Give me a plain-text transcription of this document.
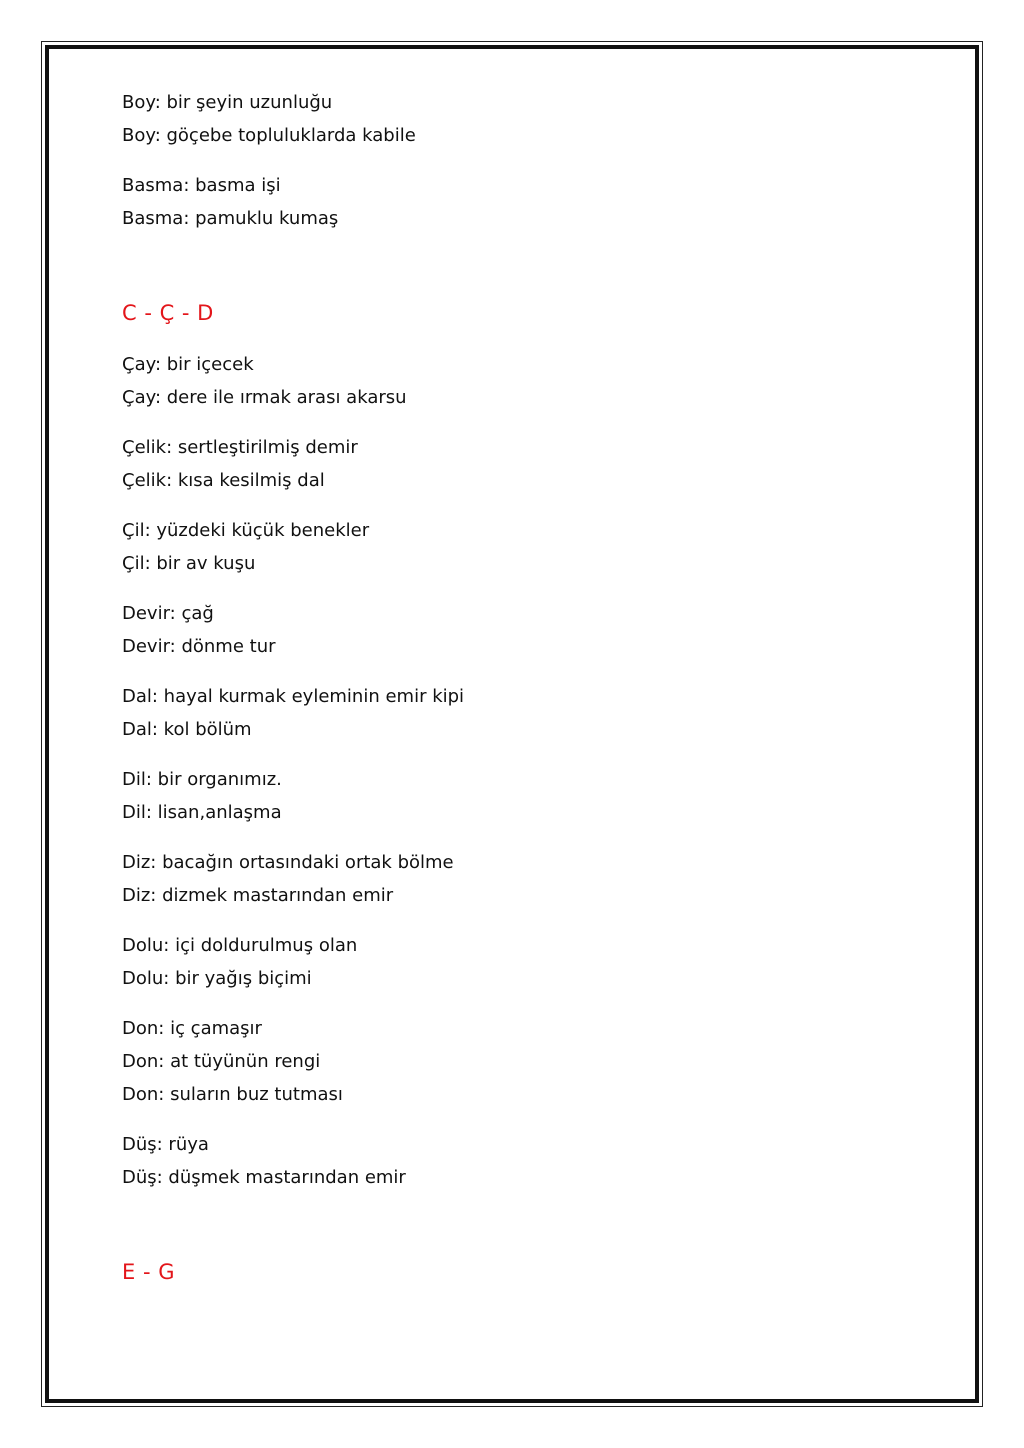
Boy: bir şeyin uzunluğu
Boy: göçebe topluluklarda kabile
Basma: basma işi
Basma: pamuklu kumaş
C - Ç - D
Çay: bir içecek
Çay: dere ile ırmak arası akarsu
Çelik: sertleştirilmiş demir
Çelik: kısa kesilmiş dal
Çil: yüzdeki küçük benekler
Çil: bir av kuşu
Devir: çağ
Devir: dönme tur
Dal: hayal kurmak eyleminin emir kipi
Dal: kol bölüm
Dil: bir organımız.
Dil: lisan,anlaşma
Diz: bacağın ortasındaki ortak bölme
Diz: dizmek mastarından emir
Dolu: içi doldurulmuş olan
Dolu: bir yağış biçimi
Don: iç çamaşır
Don: at tüyünün rengi
Don: suların buz tutması
Düş: rüya
Düş: düşmek mastarından emir
E - G
